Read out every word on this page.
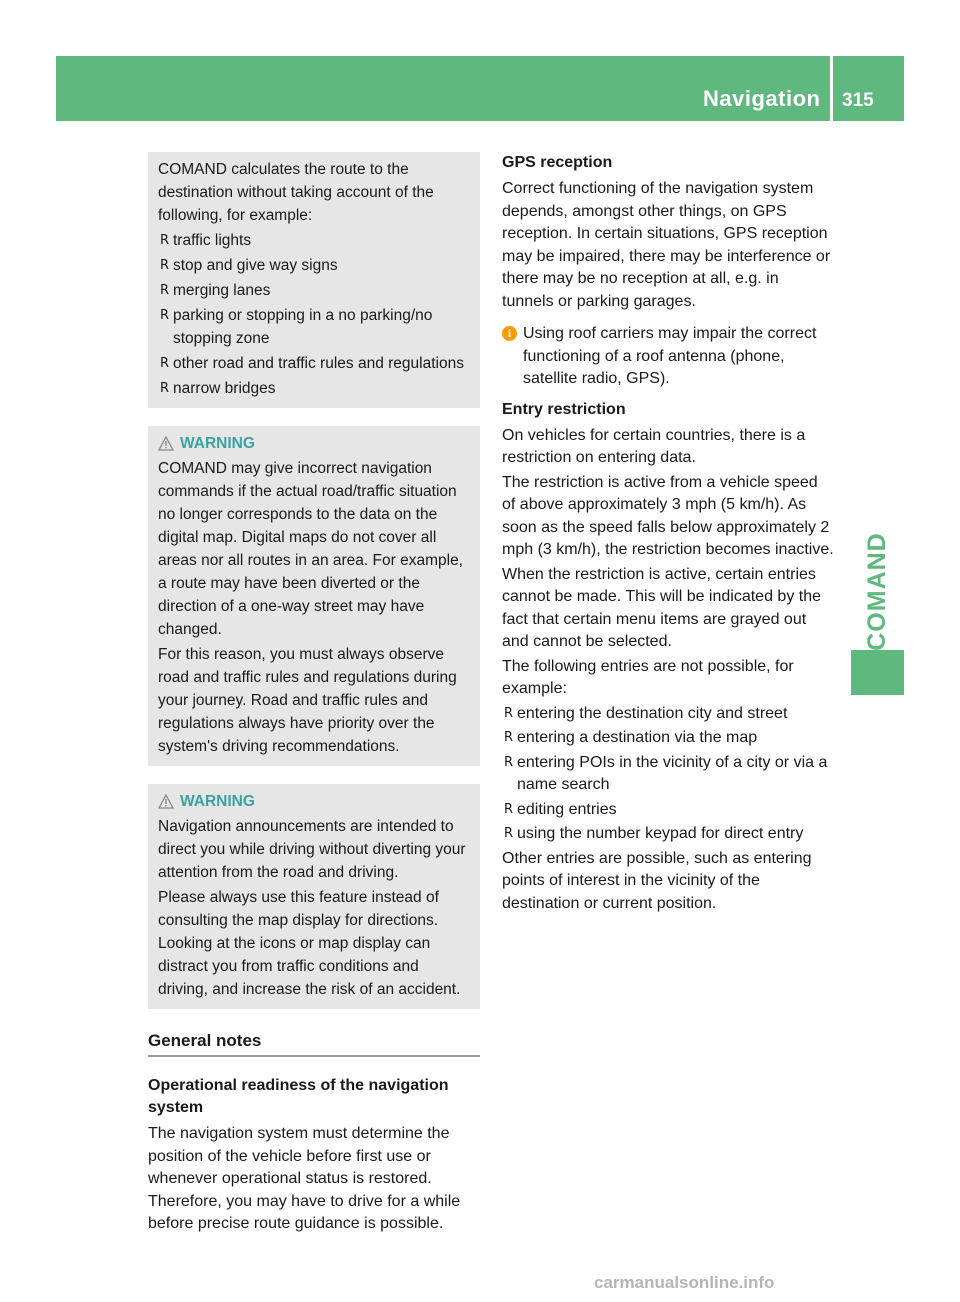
Navigation 315
COMAND

COMAND calculates the route to the destination without taking account of the following, for example:

R traffic lights
R stop and give way signs
R merging lanes
R parking or stopping in a no parking/no stopping zone
R other road and traffic rules and regulations
R narrow bridges
WARNING

COMAND may give incorrect navigation commands if the actual road/traffic situation no longer corresponds to the data on the digital map. Digital maps do not cover all areas nor all routes in an area. For example, a route may have been diverted or the direction of a one-way street may have changed.

For this reason, you must always observe road and traffic rules and regulations during your journey. Road and traffic rules and regulations always have priority over the system's driving recommendations.

WARNING

Navigation announcements are intended to direct you while driving without diverting your attention from the road and driving.

Please always use this feature instead of consulting the map display for directions. Looking at the icons or map display can distract you from traffic conditions and driving, and increase the risk of an accident.

General notes
Operational readiness of the navigation system

The navigation system must determine the position of the vehicle before first use or whenever operational status is restored. Therefore, you may have to drive for a while before precise route guidance is possible.

GPS reception

Correct functioning of the navigation system depends, amongst other things, on GPS reception. In certain situations, GPS reception may be impaired, there may be interference or there may be no reception at all, e.g. in tunnels or parking garages.

i Using roof carriers may impair the correct functioning of a roof antenna (phone, satellite radio, GPS).
Entry restriction

On vehicles for certain countries, there is a restriction on entering data.

The restriction is active from a vehicle speed of above approximately 3 mph (5 km/h). As soon as the speed falls below approximately 2 mph (3 km/h), the restriction becomes inactive.

When the restriction is active, certain entries cannot be made. This will be indicated by the fact that certain menu items are grayed out and cannot be selected.

The following entries are not possible, for example:

R entering the destination city and street
R entering a destination via the map
R entering POIs in the vicinity of a city or via a name search
R editing entries
R using the number keypad for direct entry

Other entries are possible, such as entering points of interest in the vicinity of the destination or current position.

carmanualsonline.info
